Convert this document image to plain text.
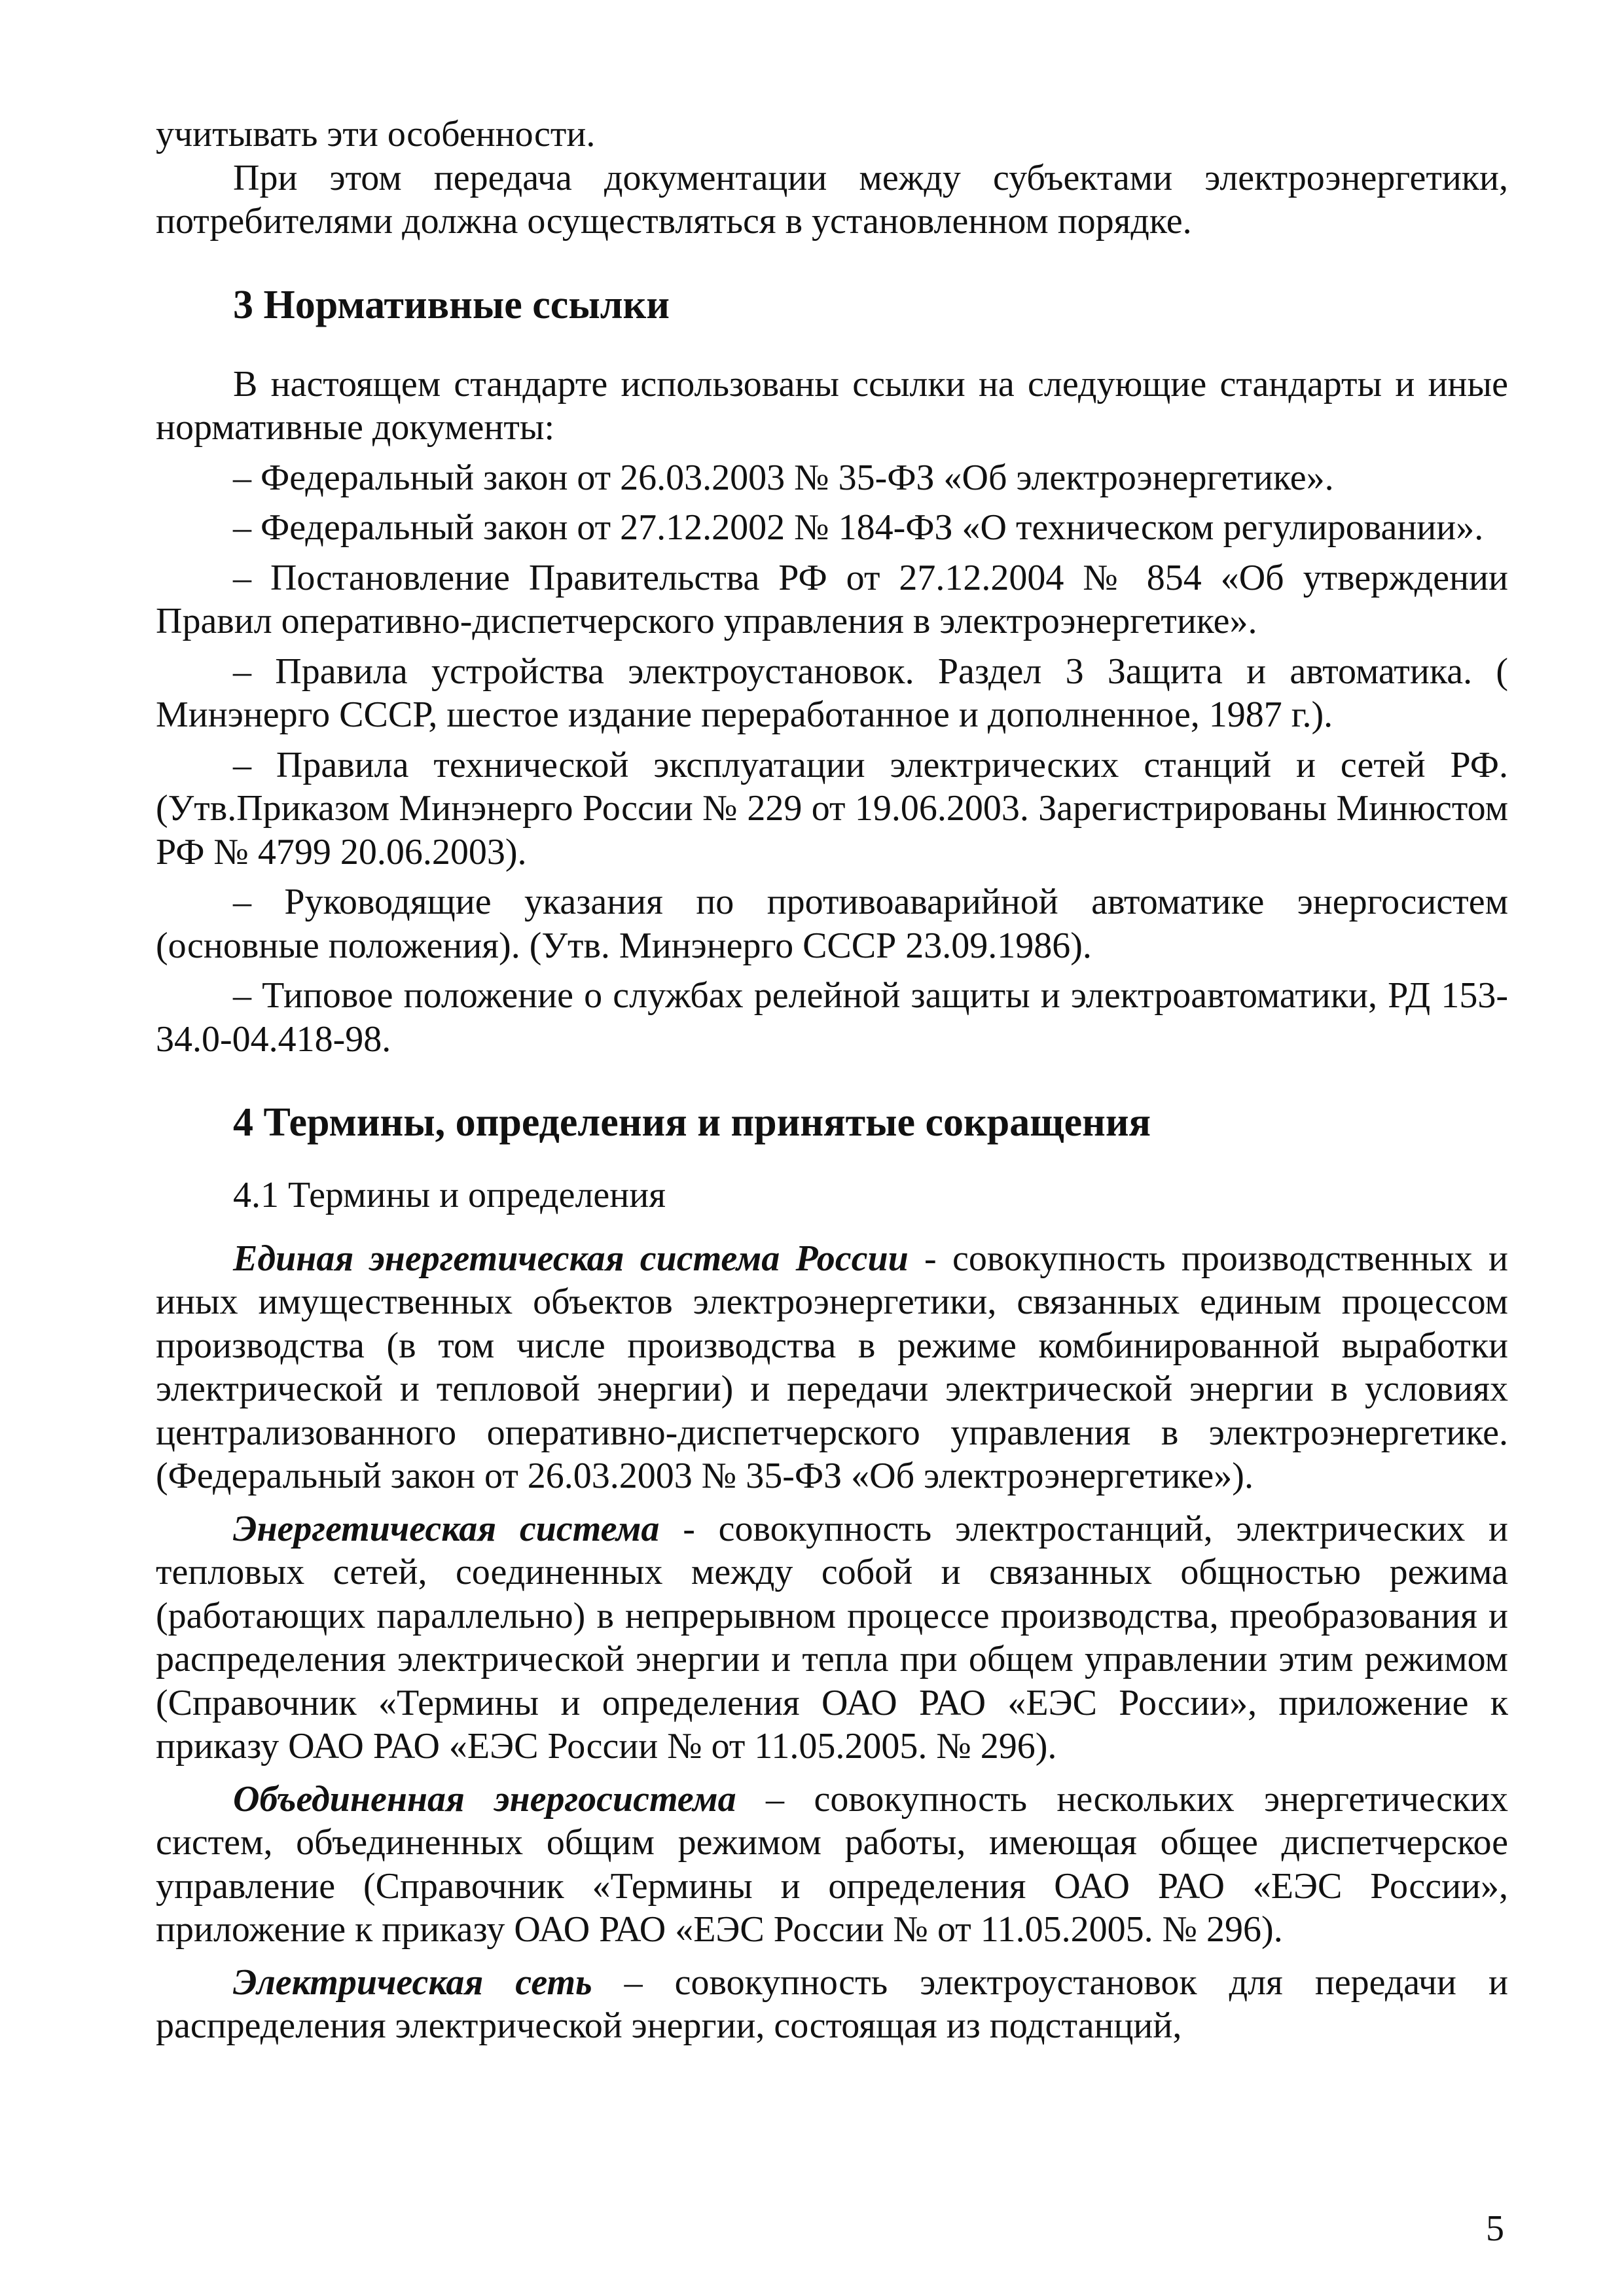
учитывать эти особенности.

При этом передача документации между субъектами электроэнергетики, потребителями должна осуществляться в установленном порядке.

3 Нормативные ссылки

В настоящем стандарте использованы ссылки на следующие стандарты и иные нормативные документы:

– Федеральный закон от 26.03.2003 № 35-ФЗ «Об электроэнергетике».

– Федеральный закон от 27.12.2002 № 184-ФЗ «О техническом регулировании».

– Постановление Правительства РФ от 27.12.2004 № 854 «Об утверждении Правил оперативно-диспетчерского управления в электроэнергетике».

– Правила устройства электроустановок. Раздел 3 Защита и автоматика. ( Минэнерго СССР, шестое издание переработанное и дополненное, 1987 г.).

– Правила технической эксплуатации электрических станций и сетей РФ. (Утв.Приказом Минэнерго России № 229 от 19.06.2003. Зарегистрированы Минюстом РФ № 4799 20.06.2003).

– Руководящие указания по противоаварийной автоматике энергосистем (основные положения). (Утв. Минэнерго СССР 23.09.1986).

– Типовое положение о службах релейной защиты и электроавтоматики, РД 153-34.0-04.418-98.

4 Термины, определения и принятые сокращения

4.1 Термины и определения

Единая энергетическая система России - совокупность производственных и иных имущественных объектов электроэнергетики, связанных единым процессом производства (в том числе производства в режиме комбинированной выработки электрической и тепловой энергии) и передачи электрической энергии в условиях централизованного оперативно-диспетчерского управления в электроэнергетике. (Федеральный закон от 26.03.2003 № 35-ФЗ «Об электроэнергетике»).

Энергетическая система - совокупность электростанций, электрических и тепловых сетей, соединенных между собой и связанных общностью режима (работающих параллельно) в непрерывном процессе производства, преобразования и распределения электрической энергии и тепла при общем управлении этим режимом (Справочник «Термины и определения ОАО РАО «ЕЭС России», приложение к приказу ОАО РАО «ЕЭС России № от 11.05.2005. № 296).

Объединенная энергосистема – совокупность нескольких энергетических систем, объединенных общим режимом работы, имеющая общее диспетчерское управление (Справочник «Термины и определения ОАО РАО «ЕЭС России», приложение к приказу ОАО РАО «ЕЭС России № от 11.05.2005. № 296).

Электрическая сеть – совокупность электроустановок для передачи и распределения электрической энергии, состоящая из подстанций,

5
